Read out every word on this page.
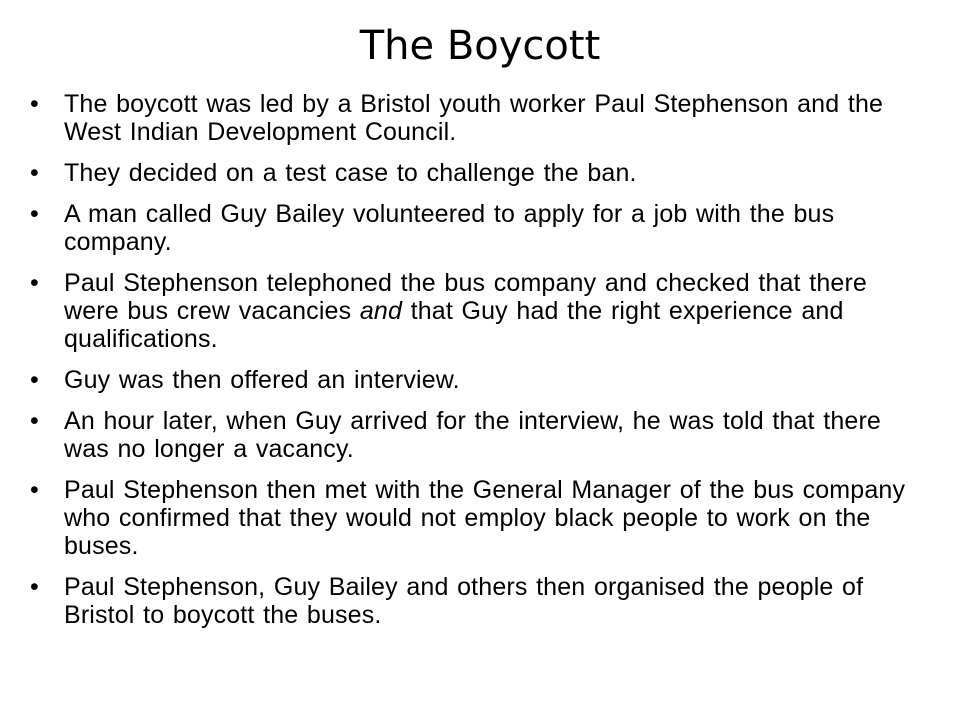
The Boycott
•	The boycott was led by a Bristol youth worker Paul Stephenson and the West Indian Development Council.
•	They decided on a test case to challenge the ban.
•	A man called Guy Bailey volunteered to apply for a job with the bus company.
•	Paul Stephenson telephoned the bus company and checked that there were bus crew vacancies and that Guy had the right experience and qualifications.
•	Guy was then offered an interview.
•	An hour later, when Guy arrived for the interview, he was told that there was no longer a vacancy.
•	Paul Stephenson then met with the General Manager of the bus company who confirmed that they would not employ black people to work on the buses.
•	Paul Stephenson, Guy Bailey and others then organised the people of Bristol to boycott the buses.
